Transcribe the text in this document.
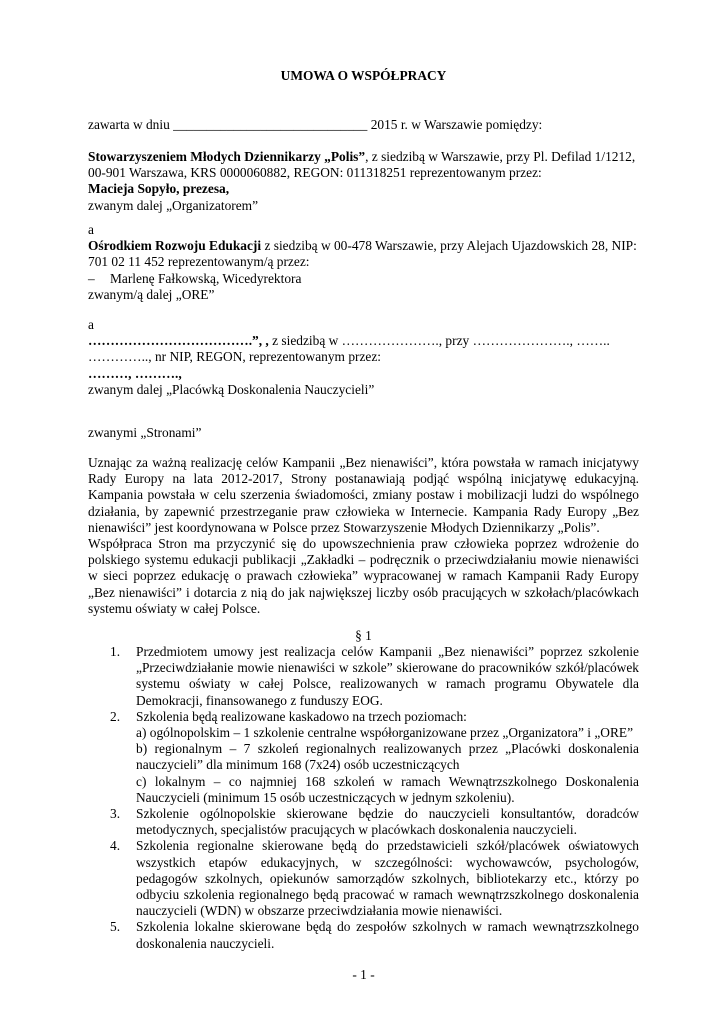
UMOWA O WSPÓŁPRACY
zawarta w dniu _____________________________ 2015 r. w Warszawie pomiędzy:
Stowarzyszeniem Młodych Dziennikarzy „Polis”, z siedzibą w Warszawie, przy Pl. Defilad 1/1212,
00-901 Warszawa, KRS 0000060882, REGON: 011318251 reprezentowanym przez:
Macieja Sopyło, prezesa,
zwanym dalej „Organizatorem”
a
Ośrodkiem Rozwoju Edukacji z siedzibą w 00-478 Warszawie, przy Alejach Ujazdowskich 28, NIP:
701 02 11 452 reprezentowanym/ą przez:
– Marlenę Fałkowską, Wicedyrektora
zwanym/ą dalej „ORE”
a
……………………………….”, , z siedzibą w …………………., przy …………………., ……..
………….., nr NIP, REGON, reprezentowanym przez:
………, ……….,
zwanym dalej „Placówką Doskonalenia Nauczycieli”
zwanymi „Stronami”
Uznając za ważną realizację celów Kampanii „Bez nienawiści”, która powstała w ramach inicjatywy
Rady Europy na lata 2012-2017, Strony postanawiają podjąć wspólną inicjatywę edukacyjną.
Kampania powstała w celu szerzenia świadomości, zmiany postaw i mobilizacji ludzi do wspólnego
działania, by zapewnić przestrzeganie praw człowieka w Internecie. Kampania Rady Europy „Bez
nienawiści” jest koordynowana w Polsce przez Stowarzyszenie Młodych Dziennikarzy „Polis”.
Współpraca Stron ma przyczynić się do upowszechnienia praw człowieka poprzez wdrożenie do
polskiego systemu edukacji publikacji „Zakładki – podręcznik o przeciwdziałaniu mowie nienawiści
w sieci poprzez edukację o prawach człowieka” wypracowanej w ramach Kampanii Rady Europy
„Bez nienawiści” i dotarcia z nią do jak największej liczby osób pracujących w szkołach/placówkach
systemu oświaty w całej Polsce.
§ 1
1. Przedmiotem umowy jest realizacja celów Kampanii „Bez nienawiści” poprzez szkolenie
„Przeciwdziałanie mowie nienawiści w szkole” skierowane do pracowników szkół/placówek
systemu oświaty w całej Polsce, realizowanych w ramach programu Obywatele dla
Demokracji, finansowanego z funduszy EOG.
2. Szkolenia będą realizowane kaskadowo na trzech poziomach:
a) ogólnopolskim – 1 szkolenie centralne współorganizowane przez „Organizatora” i „ORE”
b) regionalnym – 7 szkoleń regionalnych realizowanych przez „Placówki doskonalenia
nauczycieli” dla minimum 168 (7x24) osób uczestniczących
c) lokalnym – co najmniej 168 szkoleń w ramach Wewnątrzszkolnego Doskonalenia
Nauczycieli (minimum 15 osób uczestniczących w jednym szkoleniu).
3. Szkolenie ogólnopolskie skierowane będzie do nauczycieli konsultantów, doradców
metodycznych, specjalistów pracujących w placówkach doskonalenia nauczycieli.
4. Szkolenia regionalne skierowane będą do przedstawicieli szkół/placówek oświatowych
wszystkich etapów edukacyjnych, w szczególności: wychowawców, psychologów,
pedagogów szkolnych, opiekunów samorządów szkolnych, bibliotekarzy etc., którzy po
odbyciu szkolenia regionalnego będą pracować w ramach wewnątrzszkolnego doskonalenia
nauczycieli (WDN) w obszarze przeciwdziałania mowie nienawiści.
5. Szkolenia lokalne skierowane będą do zespołów szkolnych w ramach wewnątrzszkolnego
doskonalenia nauczycieli.
- 1 -
